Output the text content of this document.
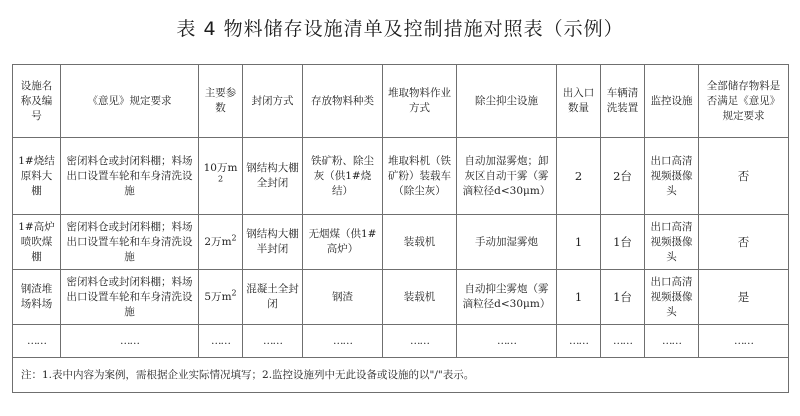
表 4 物料储存设施清单及控制措施对照表（示例）
设施名称及编号	《意见》规定要求	主要参数	封闭方式	存放物料种类	堆取物料作业方式	除尘抑尘设施	出入口数量	车辆清洗装置	监控设施	全部储存物料是否满足《意见》规定要求
1#烧结原料大棚	密闭料仓或封闭料棚；料场出口设置车轮和车身清洗设施	10万$m^2$	钢结构大棚全封闭	铁矿粉、除尘灰（供1#烧结）	堆取料机（铁矿粉）装载车（除尘灰）	自动加湿雾炮；卸灰区自动干雾（雾滴粒径d<30μm）	2	2台	出口高清视频摄像头	否
1#高炉喷吹煤棚	密闭料仓或封闭料棚；料场出口设置车轮和车身清洗设施	2万$m^2$	钢结构大棚半封闭	无烟煤（供1#高炉）	装载机	手动加湿雾炮	1	1台	出口高清视频摄像头	否
钢渣堆场料场	密闭料仓或封闭料棚；料场出口设置车轮和车身清洗设施	5万$m^2$	混凝土全封闭	钢渣	装载机	自动抑尘雾炮（雾滴粒径d<30μm）	1	1台	出口高清视频摄像头	是
……	……	……	……	……	……	……	……	……	……	……
注：1.表中内容为案例，需根据企业实际情况填写；2.监控设施列中无此设备或设施的以"/"表示。										
